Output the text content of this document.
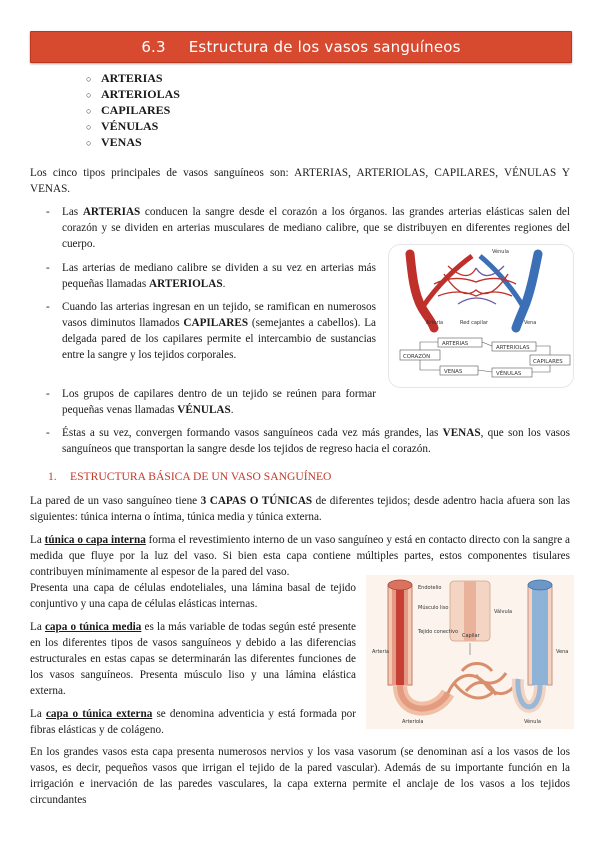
6.3 Estructura de los vasos sanguíneos
○ ARTERIAS
○ ARTERIOLAS
○ CAPILARES
○ VÉNULAS
○ VENAS

Los cinco tipos principales de vasos sanguíneos son: ARTERIAS, ARTERIOLAS, CAPILARES, VÉNULAS Y VENAS.

- Las ARTERIAS conducen la sangre desde el corazón a los órganos. las grandes arterias elásticas salen del corazón y se dividen en arterias musculares de mediano calibre, que se distribuyen en diferentes regiones del cuerpo.

- Las arterias de mediano calibre se dividen a su vez en arterias más pequeñas llamadas ARTERIOLAS.

- Cuando las arterias ingresan en un tejido, se ramifican en numerosos vasos diminutos llamados CAPILARES (semejantes a cabellos). La delgada pared de los capilares permite el intercambio de sustancias entre la sangre y los tejidos corporales.

- Los grupos de capilares dentro de un tejido se reúnen para formar pequeñas venas llamadas VÉNULAS.

- Éstas a su vez, convergen formando vasos sanguíneos cada vez más grandes, las VENAS, que son los vasos sanguíneos que transportan la sangre desde los tejidos de regreso hacia el corazón.

Vénula
Arteria	Red capilar	Vena
ARTERIAS
ARTERIOLAS
CORAZÓN
CAPILARES
VENAS	VÉNULAS
1. ESTRUCTURA BÁSICA DE UN VASO SANGUÍNEO

La pared de un vaso sanguíneo tiene 3 CAPAS O TÚNICAS de diferentes tejidos; desde adentro hacia afuera son las siguientes: túnica interna o íntima, túnica media y túnica externa.

La túnica o capa interna forma el revestimiento interno de un vaso sanguíneo y está en contacto directo con la sangre a medida que fluye por la luz del vaso. Si bien esta capa contiene múltiples partes, estos componentes tisulares contribuyen mínimamente al espesor de la pared del vaso.

Presenta una capa de células endoteliales, una lámina basal de tejido conjuntivo y una capa de células elásticas internas.

La capa o túnica media es la más variable de todas según esté presente en los diferentes tipos de vasos sanguíneos y debido a las diferencias estructurales en estas capas se determinarán las diferentes funciones de los vasos sanguíneos. Presenta músculo liso y una lámina elástica externa.

La capa o túnica externa se denomina adventicia y está formada por fibras elásticas y de colágeno.

Endotelio
Músculo liso
Tejido conectivo
Válvula
Arteria	Vena
Arteriola	Vénula
Capilar

En los grandes vasos esta capa presenta numerosos nervios y los vasa vasorum (se denominan así a los vasos de los vasos, es decir, pequeños vasos que irrigan el tejido de la pared vascular). Además de su importante función en la irrigación e inervación de las paredes vasculares, la capa externa permite el anclaje de los vasos a los tejidos circundantes
